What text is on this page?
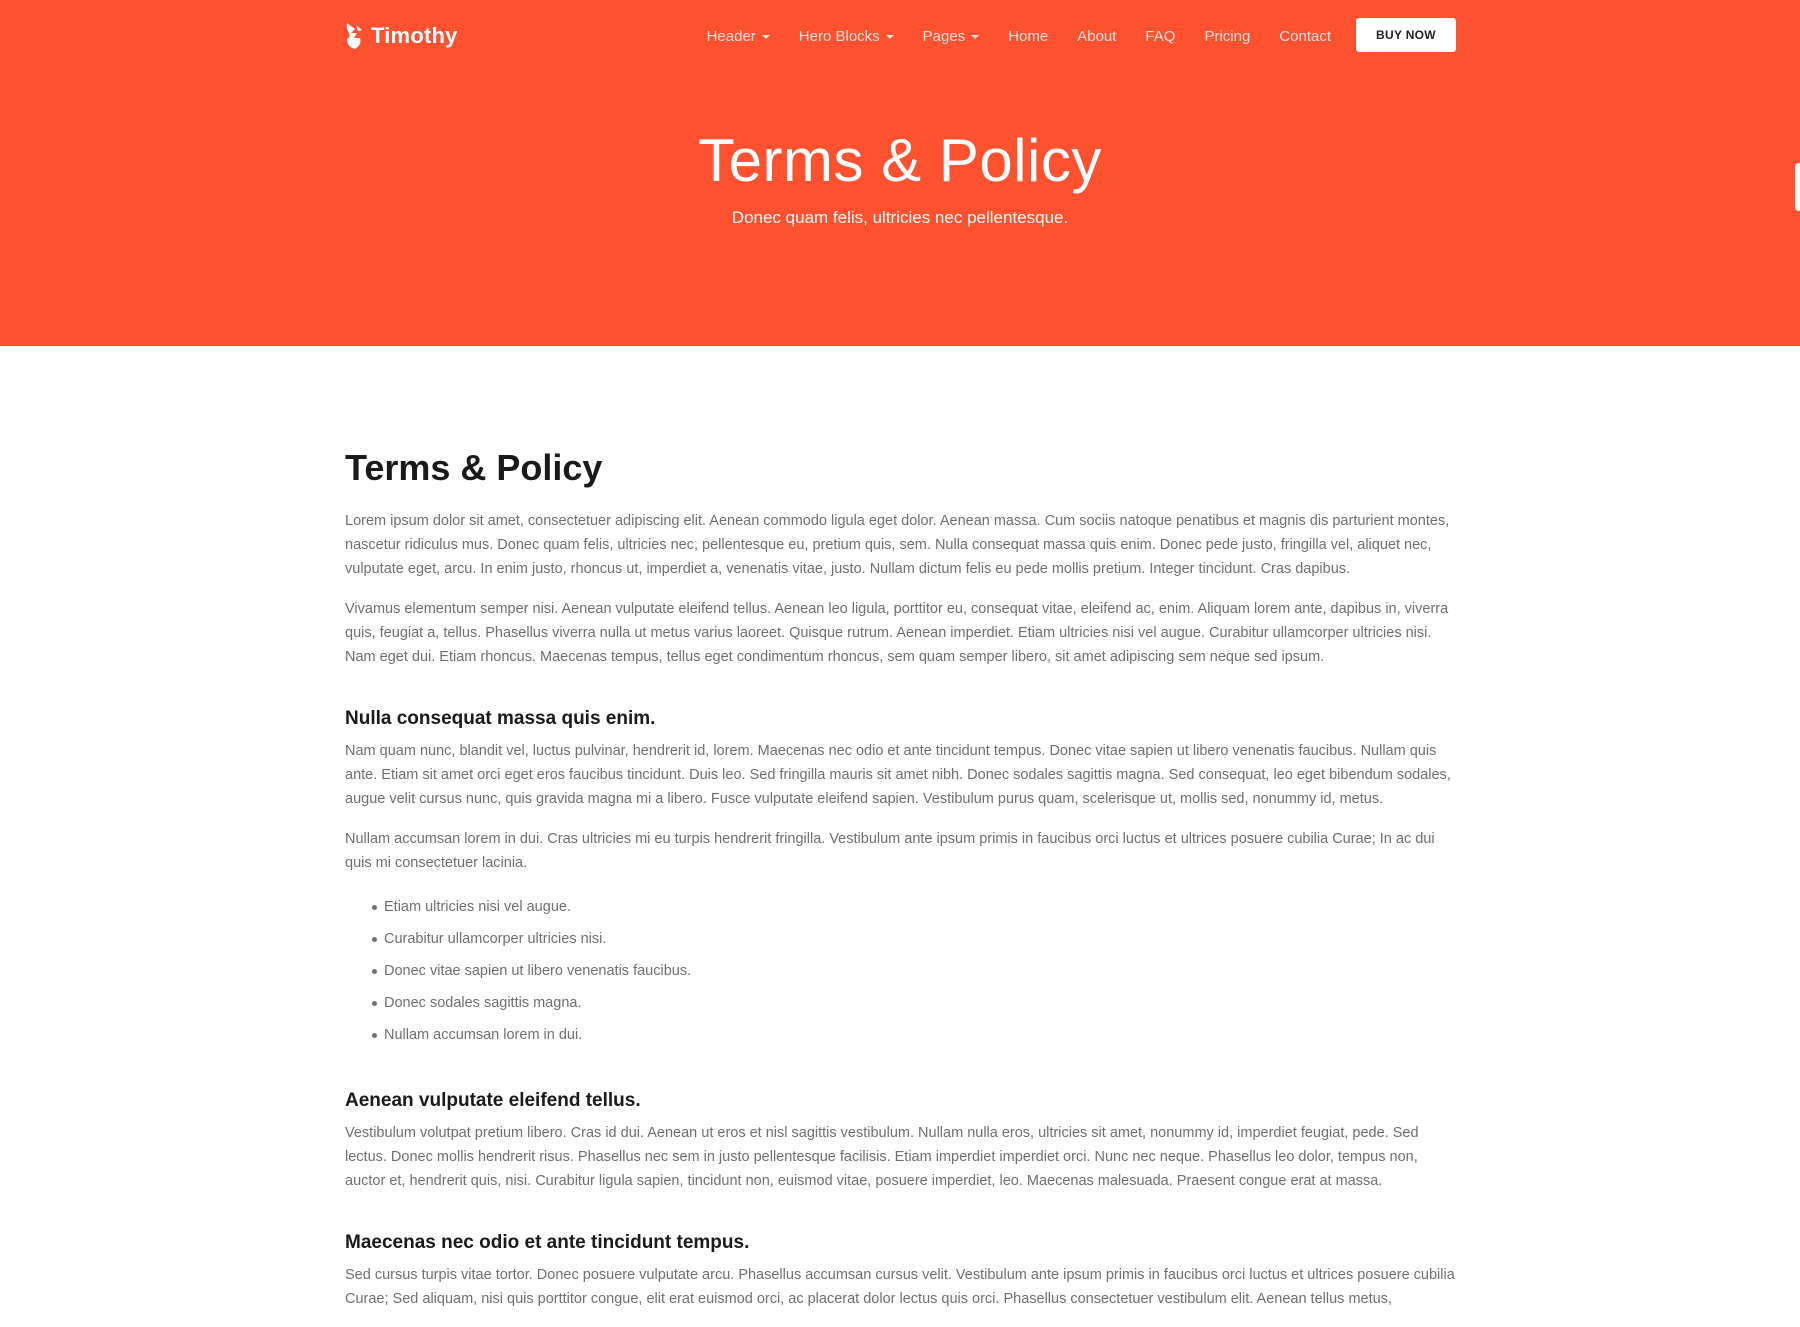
Timothy	Header	Hero Blocks	Pages	Home About FAQ Pricing Contact	BUY NOW
Terms & Policy
Donec quam felis, ultricies nec pellentesque.
Terms & Policy

Lorem ipsum dolor sit amet, consectetuer adipiscing elit. Aenean commodo ligula eget dolor. Aenean massa. Cum sociis natoque penatibus et magnis dis parturient montes, nascetur ridiculus mus. Donec quam felis, ultricies nec, pellentesque eu, pretium quis, sem. Nulla consequat massa quis enim. Donec pede justo, fringilla vel, aliquet nec, vulputate eget, arcu. In enim justo, rhoncus ut, imperdiet a, venenatis vitae, justo. Nullam dictum felis eu pede mollis pretium. Integer tincidunt. Cras dapibus.

Vivamus elementum semper nisi. Aenean vulputate eleifend tellus. Aenean leo ligula, porttitor eu, consequat vitae, eleifend ac, enim. Aliquam lorem ante, dapibus in, viverra quis, feugiat a, tellus. Phasellus viverra nulla ut metus varius laoreet. Quisque rutrum. Aenean imperdiet. Etiam ultricies nisi vel augue. Curabitur ullamcorper ultricies nisi. Nam eget dui. Etiam rhoncus. Maecenas tempus, tellus eget condimentum rhoncus, sem quam semper libero, sit amet adipiscing sem neque sed ipsum.

Nulla consequat massa quis enim.

Nam quam nunc, blandit vel, luctus pulvinar, hendrerit id, lorem. Maecenas nec odio et ante tincidunt tempus. Donec vitae sapien ut libero venenatis faucibus. Nullam quis ante. Etiam sit amet orci eget eros faucibus tincidunt. Duis leo. Sed fringilla mauris sit amet nibh. Donec sodales sagittis magna. Sed consequat, leo eget bibendum sodales, augue velit cursus nunc, quis gravida magna mi a libero. Fusce vulputate eleifend sapien. Vestibulum purus quam, scelerisque ut, mollis sed, nonummy id, metus.

Nullam accumsan lorem in dui. Cras ultricies mi eu turpis hendrerit fringilla. Vestibulum ante ipsum primis in faucibus orci luctus et ultrices posuere cubilia Curae; In ac dui quis mi consectetuer lacinia.

Etiam ultricies nisi vel augue.
Curabitur ullamcorper ultricies nisi.
Donec vitae sapien ut libero venenatis faucibus.
Donec sodales sagittis magna.
Nullam accumsan lorem in dui.
Aenean vulputate eleifend tellus.

Vestibulum volutpat pretium libero. Cras id dui. Aenean ut eros et nisl sagittis vestibulum. Nullam nulla eros, ultricies sit amet, nonummy id, imperdiet feugiat, pede. Sed lectus. Donec mollis hendrerit risus. Phasellus nec sem in justo pellentesque facilisis. Etiam imperdiet imperdiet orci. Nunc nec neque. Phasellus leo dolor, tempus non, auctor et, hendrerit quis, nisi. Curabitur ligula sapien, tincidunt non, euismod vitae, posuere imperdiet, leo. Maecenas malesuada. Praesent congue erat at massa.

Maecenas nec odio et ante tincidunt tempus.

Sed cursus turpis vitae tortor. Donec posuere vulputate arcu. Phasellus accumsan cursus velit. Vestibulum ante ipsum primis in faucibus orci luctus et ultrices posuere cubilia Curae; Sed aliquam, nisi quis porttitor congue, elit erat euismod orci, ac placerat dolor lectus quis orci. Phasellus consectetuer vestibulum elit. Aenean tellus metus,
